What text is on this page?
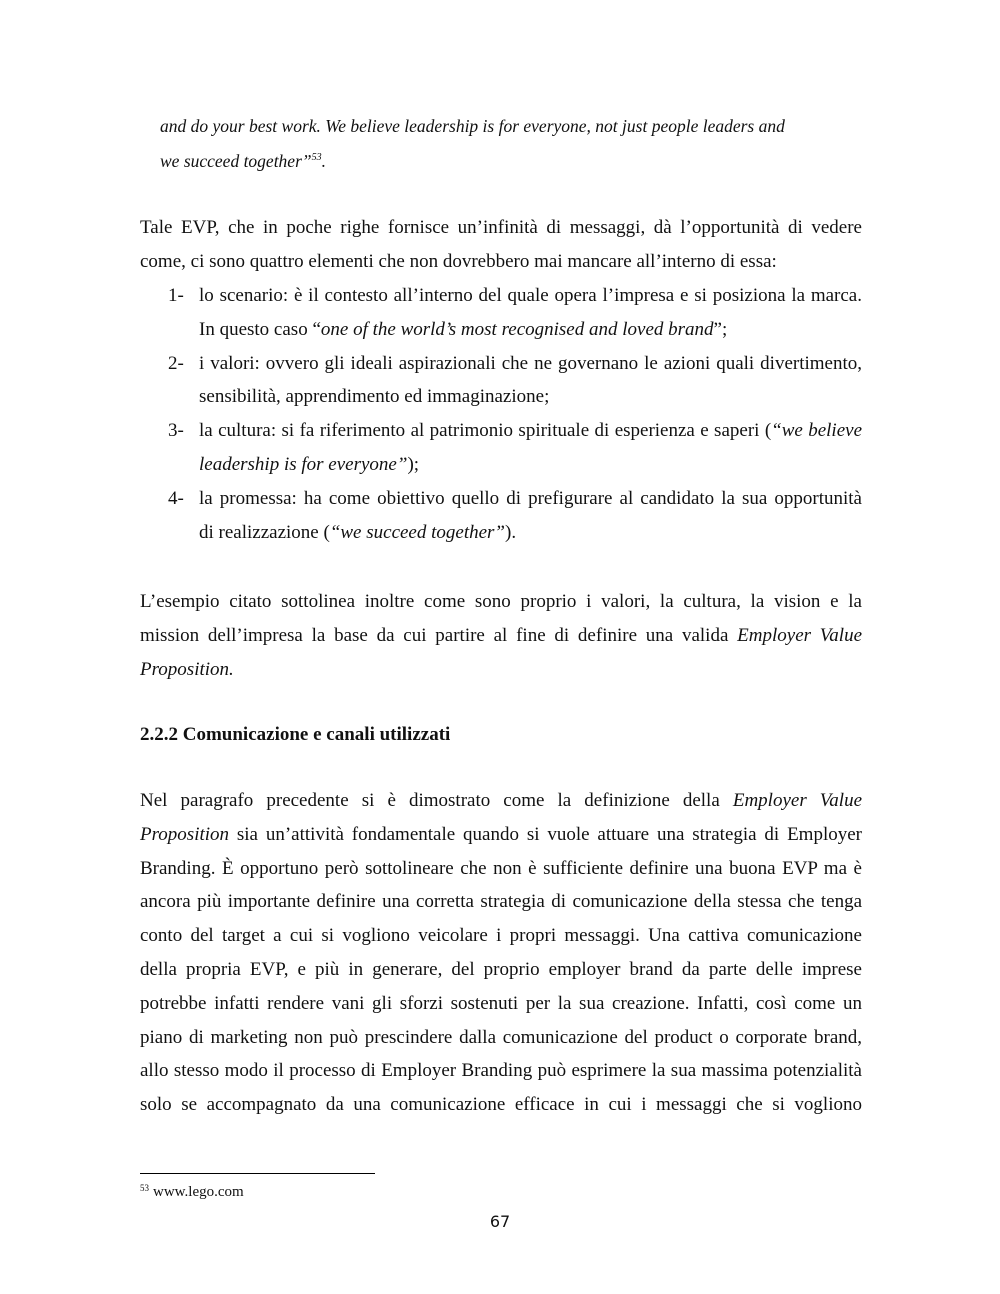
and do your best work. We believe leadership is for everyone, not just people leaders and
we succeed together”$^{53}$.
Tale EVP, che in poche righe fornisce un’infinità di messaggi, dà l’opportunità di vedere
come, ci sono quattro elementi che non dovrebbero mai mancare all’interno di essa:
1- lo scenario: è il contesto all’interno del quale opera l’impresa e si posiziona la marca.
In questo caso “one of the world’s most recognised and loved brand”;
2- i valori: ovvero gli ideali aspirazionali che ne governano le azioni quali divertimento,
sensibilità, apprendimento ed immaginazione;
3- la cultura: si fa riferimento al patrimonio spirituale di esperienza e saperi (“we believe
leadership is for everyone”);
4- la promessa: ha come obiettivo quello di prefigurare al candidato la sua opportunità
di realizzazione (“we succeed together”).
L’esempio citato sottolinea inoltre come sono proprio i valori, la cultura, la vision e la
mission dell’impresa la base da cui partire al fine di definire una valida Employer Value
Proposition.
2.2.2 Comunicazione e canali utilizzati
Nel paragrafo precedente si è dimostrato come la definizione della Employer Value
Proposition sia un’attività fondamentale quando si vuole attuare una strategia di Employer
Branding. È opportuno però sottolineare che non è sufficiente definire una buona EVP ma è
ancora più importante definire una corretta strategia di comunicazione della stessa che tenga
conto del target a cui si vogliono veicolare i propri messaggi. Una cattiva comunicazione
della propria EVP, e più in generare, del proprio employer brand da parte delle imprese
potrebbe infatti rendere vani gli sforzi sostenuti per la sua creazione. Infatti, così come un
piano di marketing non può prescindere dalla comunicazione del product o corporate brand,
allo stesso modo il processo di Employer Branding può esprimere la sua massima potenzialità
solo se accompagnato da una comunicazione efficace in cui i messaggi che si vogliono
$^{53}$ www.lego.com
67
